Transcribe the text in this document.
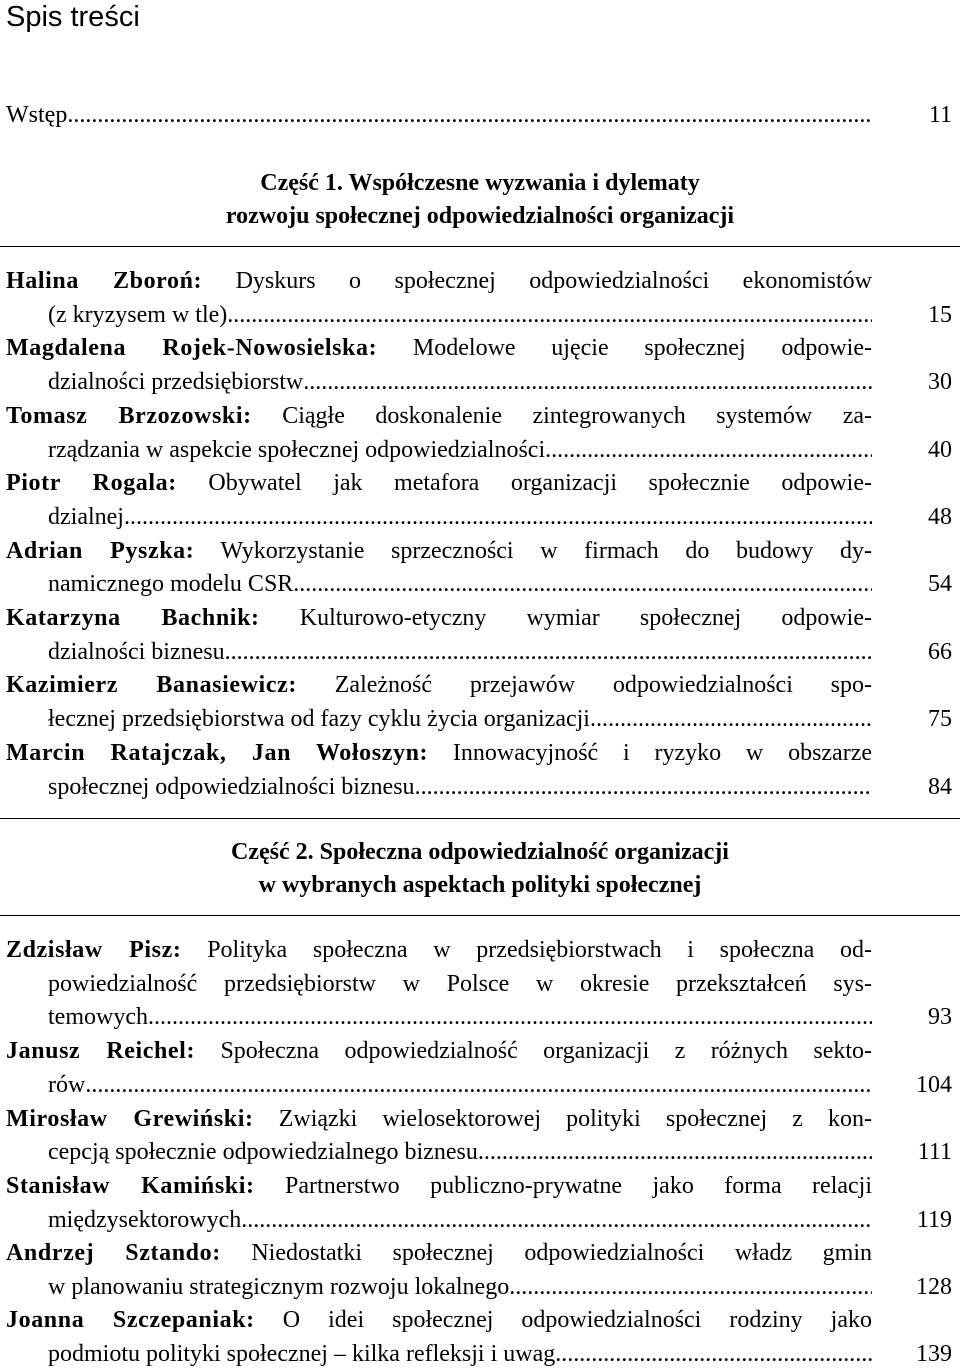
Spis treści
Wstęp .....	11
Część 1. Współczesne wyzwania i dylematy
rozwoju społecznej odpowiedzialności organizacji
Halina Zboroń: Dyskurs o społecznej odpowiedzialności ekonomistów
(z kryzysem w tle) .....	15
Magdalena Rojek-Nowosielska: Modelowe ujęcie społecznej odpowie-
dzialności przedsiębiorstw .....	30
Tomasz Brzozowski: Ciągłe doskonalenie zintegrowanych systemów za-
rządzania w aspekcie społecznej odpowiedzialności .....	40
Piotr Rogala: Obywatel jak metafora organizacji społecznie odpowie-
dzialnej .....	48
Adrian Pyszka: Wykorzystanie sprzeczności w firmach do budowy dy-
namicznego modelu CSR .....	54
Katarzyna Bachnik: Kulturowo-etyczny wymiar społecznej odpowie-
dzialności biznesu .....	66
Kazimierz Banasiewicz: Zależność przejawów odpowiedzialności spo-
łecznej przedsiębiorstwa od fazy cyklu życia organizacji .....	75
Marcin Ratajczak, Jan Wołoszyn: Innowacyjność i ryzyko w obszarze
społecznej odpowiedzialności biznesu .....	84
Część 2. Społeczna odpowiedzialność organizacji
w wybranych aspektach polityki społecznej
Zdzisław Pisz: Polityka społeczna w przedsiębiorstwach i społeczna od-
powiedzialność przedsiębiorstw w Polsce w okresie przekształceń sys-
temowych .....	93
Janusz Reichel: Społeczna odpowiedzialność organizacji z różnych sekto-
rów .....	104
Mirosław Grewiński: Związki wielosektorowej polityki społecznej z kon-
cepcją społecznie odpowiedzialnego biznesu .....	111
Stanisław Kamiński: Partnerstwo publiczno-prywatne jako forma relacji
międzysektorowych .....	119
Andrzej Sztando: Niedostatki społecznej odpowiedzialności władz gmin
w planowaniu strategicznym rozwoju lokalnego .....	128
Joanna Szczepaniak: O idei społecznej odpowiedzialności rodziny jako
podmiotu polityki społecznej – kilka refleksji i uwag .....	139
